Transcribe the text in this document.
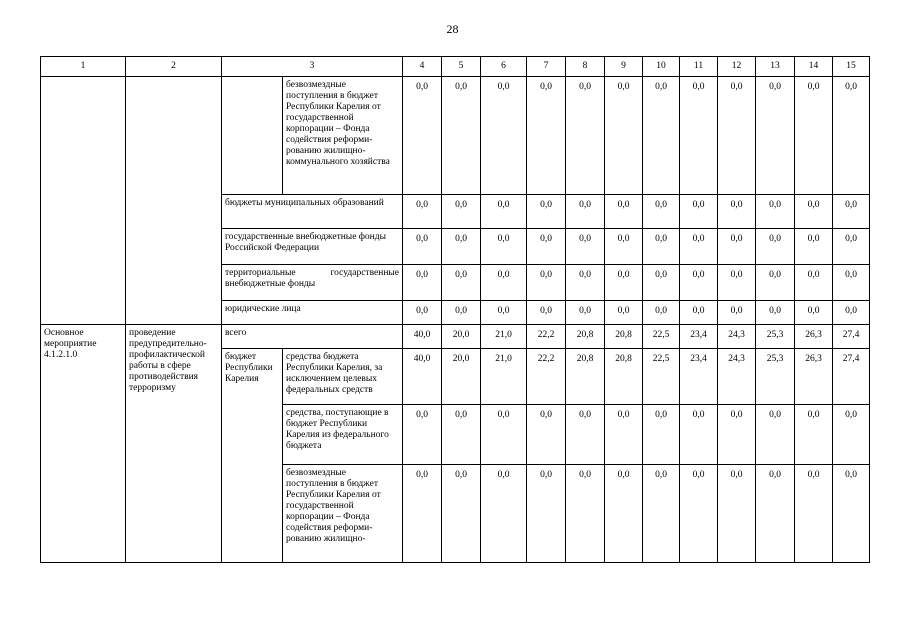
28
1	2	3		4	5	6	7	8	9	10	11	12	13	14	15
			безвозмездные поступления в бюджет Республики Карелия от государственной корпорации – Фонда содействия реформированию жилищно-коммунального хозяйства	0,0	0,0	0,0	0,0	0,0	0,0	0,0	0,0	0,0	0,0	0,0	0,0
		бюджеты муниципальных образований		0,0	0,0	0,0	0,0	0,0	0,0	0,0	0,0	0,0	0,0	0,0	0,0
		государственные внебюджетные фонды Российской Федерации		0,0	0,0	0,0	0,0	0,0	0,0	0,0	0,0	0,0	0,0	0,0	0,0
		территориальные государственные внебюджетные фонды		0,0	0,0	0,0	0,0	0,0	0,0	0,0	0,0	0,0	0,0	0,0	0,0
		юридические лица		0,0	0,0	0,0	0,0	0,0	0,0	0,0	0,0	0,0	0,0	0,0	0,0
Основное мероприятие 4.1.2.1.0	проведение предупредительно-профилактической работы в сфере противодействия терроризму	всего		40,0	20,0	21,0	22,2	20,8	20,8	22,5	23,4	24,3	25,3	26,3	27,4
		бюджет Республики Карелия	средства бюджета Республики Карелия, за исключением целевых федеральных средств	40,0	20,0	21,0	22,2	20,8	20,8	22,5	23,4	24,3	25,3	26,3	27,4
			средства, поступающие в бюджет Республики Карелия из федерального бюджета	0,0	0,0	0,0	0,0	0,0	0,0	0,0	0,0	0,0	0,0	0,0	0,0
			безвозмездные поступления в бюджет Республики Карелия от государственной корпорации – Фонда содействия реформированию жилищно-	0,0	0,0	0,0	0,0	0,0	0,0	0,0	0,0	0,0	0,0	0,0	0,0
